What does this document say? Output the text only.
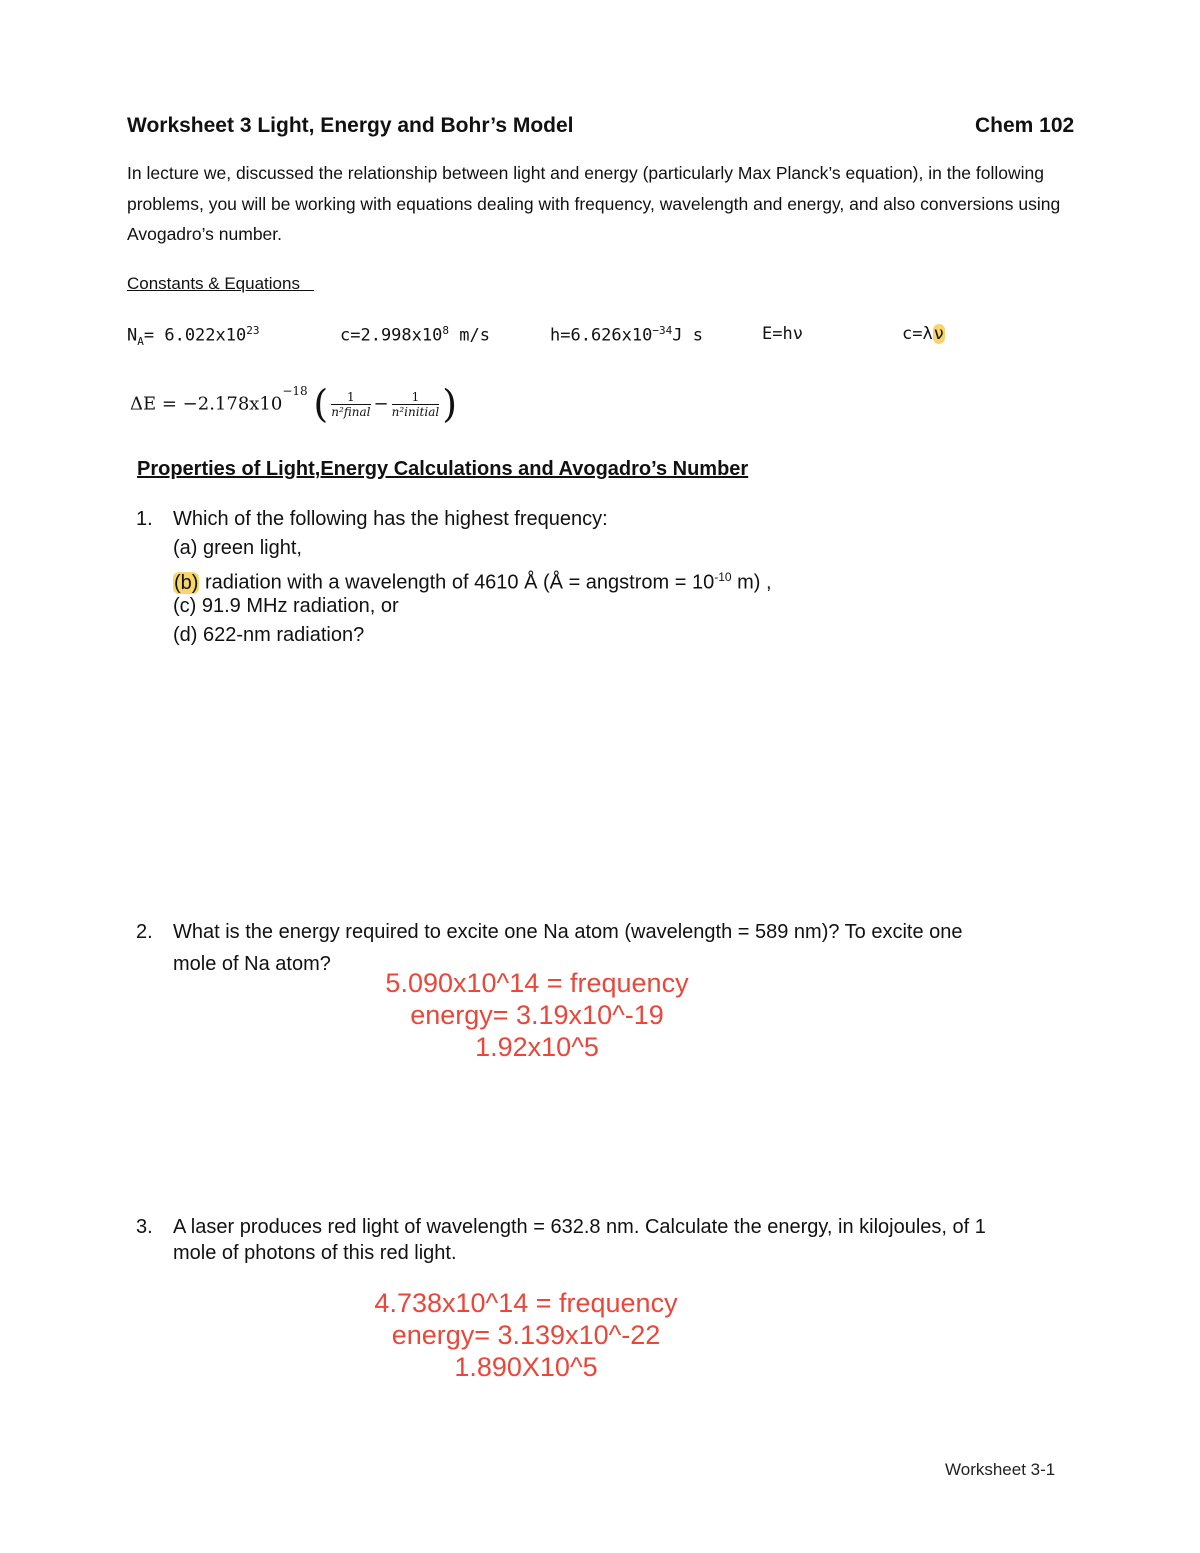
Worksheet 3 Light, Energy and Bohr’s Model	Chem 102
In lecture we, discussed the relationship between light and energy (particularly Max Planck’s equation), in the following problems, you will be working with equations dealing with frequency, wavelength and energy, and also conversions using Avogadro’s number.
Constants & Equations
$N_A= 6.022x10^{23}$	$c=2.998x10^8$ m/s	$h=6.626x10^{-34}J$ s	E=hν	c=λν
$\Delta E = -2.178x10^{-18}$ ( $\frac{1}{\text{n²final}} - \frac{1}{\text{n²initial}}$ )
Properties of Light,Energy Calculations and Avogadro’s Number
1. Which of the following has the highest frequency:
(a) green light,
(b) radiation with a wavelength of 4610 Å (Å = angstrom = $10^{-10}$ m) ,
(c) 91.9 MHz radiation, or
(d) 622-nm radiation?
2. What is the energy required to excite one Na atom (wavelength = 589 nm)? To excite one
mole of Na atom?
5.090x10^14 = frequency
energy= 3.19x10^-19
1.92x10^5
3. A laser produces red light of wavelength = 632.8 nm. Calculate the energy, in kilojoules, of 1
mole of photons of this red light.
4.738x10^14 = frequency
energy= 3.139x10^-22
1.890X10^5
Worksheet 3-1
